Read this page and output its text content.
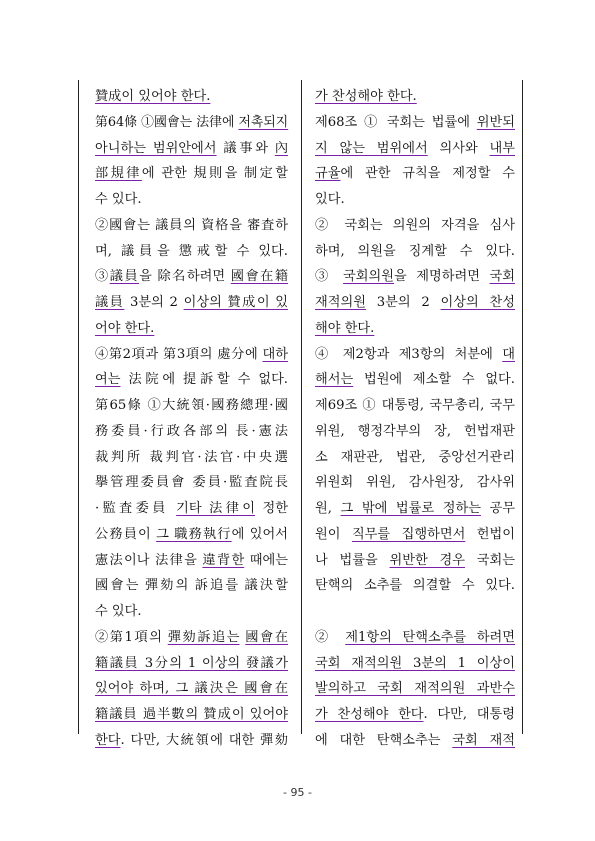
贊成이 있어야 한다.
第64條 ①國會는 法律에 저촉되지
아니하는 범위안에서 議事와 內
部規律에 관한 規則을 制定할
수 있다.
②國會는 議員의 資格을 審査하
며, 議員을 懲戒할 수 있다.
③議員을 除名하려면 國會在籍
議員 3분의 2 이상의 贊成이 있
어야 한다.
④第2項과 第3項의 處分에 대하
여는 法院에 提訴할 수 없다.
第65條 ①大統領·國務總理·國
務委員·行政各部의 長·憲法
裁判所 裁判官·法官·中央選
擧管理委員會 委員·監査院長
·監査委員 기타 法律이 정한
公務員이 그 職務執行에 있어서
憲法이나 法律을 違背한 때에는
國會는 彈劾의 訴追를 議決할
수 있다.
②第1項의 彈劾訴追는 國會在
籍議員 3分의 1 이상의 發議가
있어야 하며, 그 議決은 國會在
籍議員 過半數의 贊成이 있어야
한다. 다만, 大統領에 대한 彈劾
가 찬성해야 한다.
제68조 ① 국회는 법률에 위반되
지 않는 범위에서 의사와 내부
규율에 관한 규칙을 제정할 수
있다.
② 국회는 의원의 자격을 심사
하며, 의원을 징계할 수 있다.
③ 국회의원을 제명하려면 국회
재적의원 3분의 2 이상의 찬성
해야 한다.
④ 제2항과 제3항의 처분에 대
해서는 법원에 제소할 수 없다.
제69조 ① 대통령, 국무총리, 국무
위원, 행정각부의 장, 헌법재판
소 재판관, 법관, 중앙선거관리
위원회 위원, 감사원장, 감사위
원, 그 밖에 법률로 정하는 공무
원이 직무를 집행하면서 헌법이
나 법률을 위반한 경우 국회는
탄핵의 소추를 의결할 수 있다.
② 제1항의 탄핵소추를 하려면
국회 재적의원 3분의 1 이상이
발의하고 국회 재적의원 과반수
가 찬성해야 한다. 다만, 대통령
에 대한 탄핵소추는 국회 재적
- 95 -
